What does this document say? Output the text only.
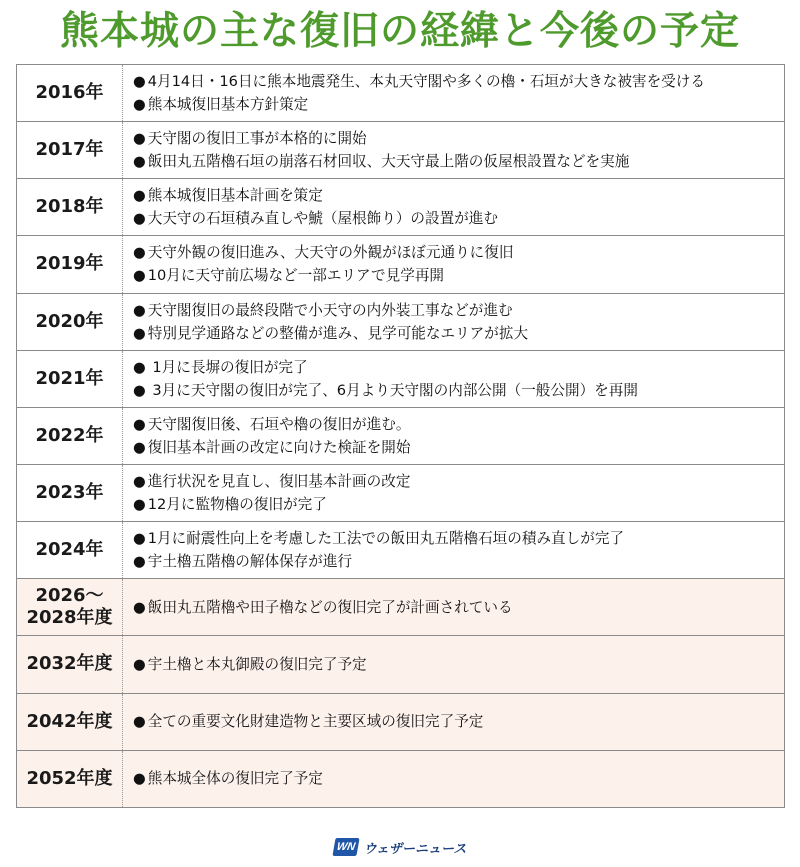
熊本城の主な復旧の経緯と今後の予定
2016年
● 4月14日・16日に熊本地震発生、本丸天守閣や多くの櫓・石垣が大きな被害を受ける
● 熊本城復旧基本方針策定
2017年
● 天守閣の復旧工事が本格的に開始
● 飯田丸五階櫓石垣の崩落石材回収、大天守最上階の仮屋根設置などを実施
2018年
● 熊本城復旧基本計画を策定
● 大天守の石垣積み直しや鯱（屋根飾り）の設置が進む
2019年
● 天守外観の復旧進み、大天守の外観がほぼ元通りに復旧
● 10月に天守前広場など一部エリアで見学再開
2020年
● 天守閣復旧の最終段階で小天守の内外装工事などが進む
● 特別見学通路などの整備が進み、見学可能なエリアが拡大
2021年
● 1月に長塀の復旧が完了
● 3月に天守閣の復旧が完了、6月より天守閣の内部公開（一般公開）を再開
2022年
● 天守閣復旧後、石垣や櫓の復旧が進む。
● 復旧基本計画の改定に向けた検証を開始
2023年
● 進行状況を見直し、復旧基本計画の改定
● 12月に監物櫓の復旧が完了
2024年
● 1月に耐震性向上を考慮した工法での飯田丸五階櫓石垣の積み直しが完了
● 宇土櫓五階櫓の解体保存が進行
2026〜
2028年度	● 飯田丸五階櫓や田子櫓などの復旧完了が計画されている
2032年度	● 宇土櫓と本丸御殿の復旧完了予定
2042年度	● 全ての重要文化財建造物と主要区域の復旧完了予定
2052年度	● 熊本城全体の復旧完了予定
WN ウェザーニュース
